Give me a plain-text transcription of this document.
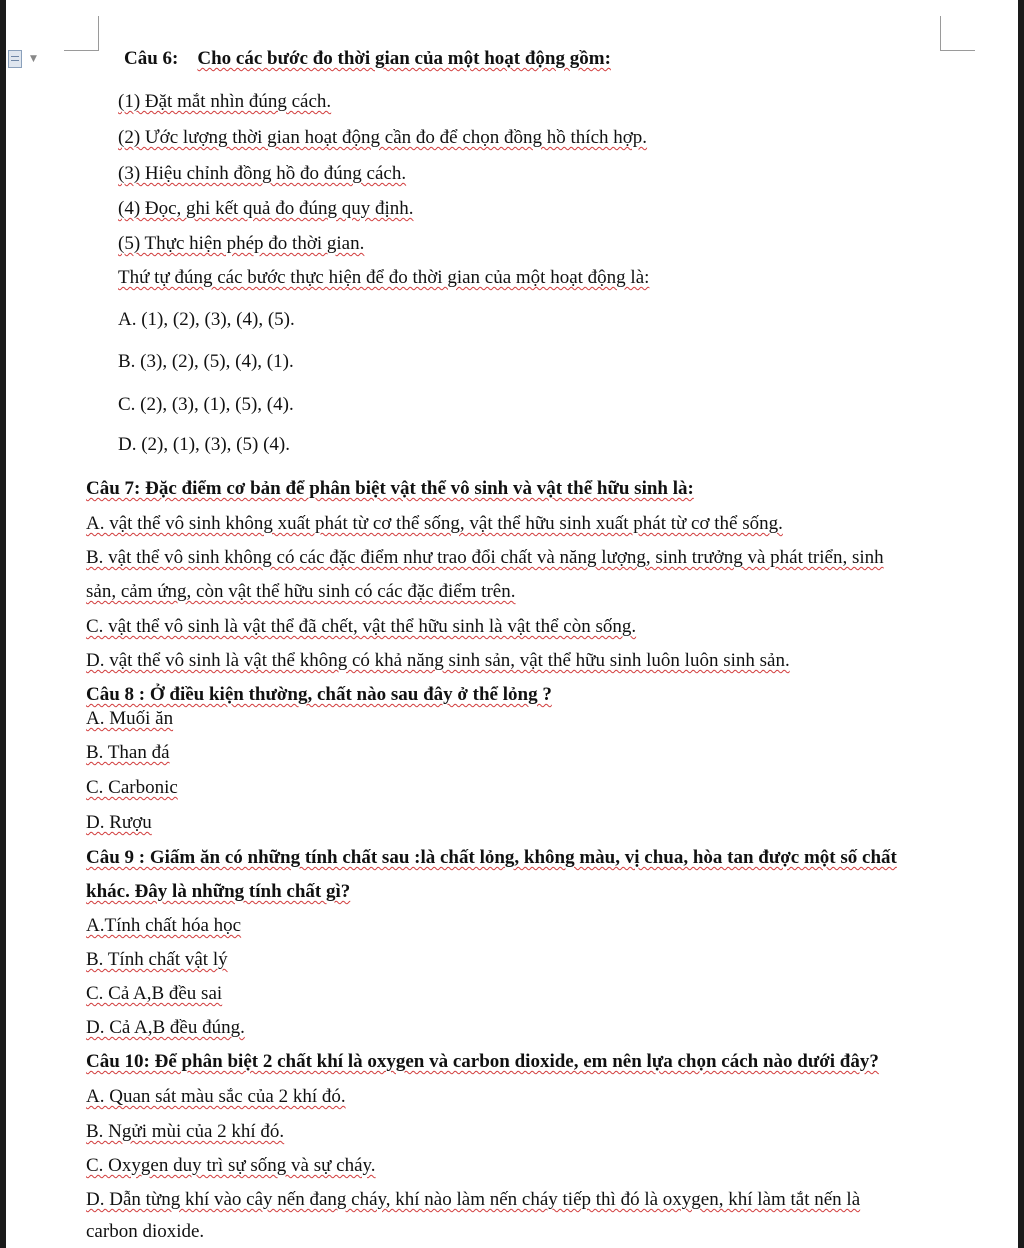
▼	Câu 6: Cho các bước đo thời gian của một hoạt động gồm:
(1) Đặt mắt nhìn đúng cách.
(2) Ước lượng thời gian hoạt động cần đo để chọn đồng hồ thích hợp.
(3) Hiệu chỉnh đồng hồ đo đúng cách.
(4) Đọc, ghi kết quả đo đúng quy định.
(5) Thực hiện phép đo thời gian.
Thứ tự đúng các bước thực hiện để đo thời gian của một hoạt động là:
A. (1), (2), (3), (4), (5).
B. (3), (2), (5), (4), (1).
C. (2), (3), (1), (5), (4).
D. (2), (1), (3), (5) (4).
Câu 7: Đặc điểm cơ bản để phân biệt vật thể vô sinh và vật thể hữu sinh là:
A. vật thể vô sinh không xuất phát từ cơ thể sống, vật thể hữu sinh xuất phát từ cơ thể sống.
B. vật thể vô sinh không có các đặc điểm như trao đổi chất và năng lượng, sinh trưởng và phát triển, sinh
sản, cảm ứng, còn vật thể hữu sinh có các đặc điểm trên.
C. vật thể vô sinh là vật thể đã chết, vật thể hữu sinh là vật thể còn sống.
D. vật thể vô sinh là vật thể không có khả năng sinh sản, vật thể hữu sinh luôn luôn sinh sản.
Câu 8 : Ở điều kiện thường, chất nào sau đây ở thể lỏng ?
A. Muối ăn
B. Than đá
C. Carbonic
D. Rượu
Câu 9 : Giấm ăn có những tính chất sau :là chất lỏng, không màu, vị chua, hòa tan được một số chất
khác. Đây là những tính chất gì?
A.Tính chất hóa học
B. Tính chất vật lý
C. Cả A,B đều sai
D. Cả A,B đều đúng.
Câu 10: Để phân biệt 2 chất khí là oxygen và carbon dioxide, em nên lựa chọn cách nào dưới đây?
A. Quan sát màu sắc của 2 khí đó.
B. Ngửi mùi của 2 khí đó.
C. Oxygen duy trì sự sống và sự cháy.
D. Dẫn từng khí vào cây nến đang cháy, khí nào làm nến cháy tiếp thì đó là oxygen, khí làm tắt nến là
carbon dioxide.
